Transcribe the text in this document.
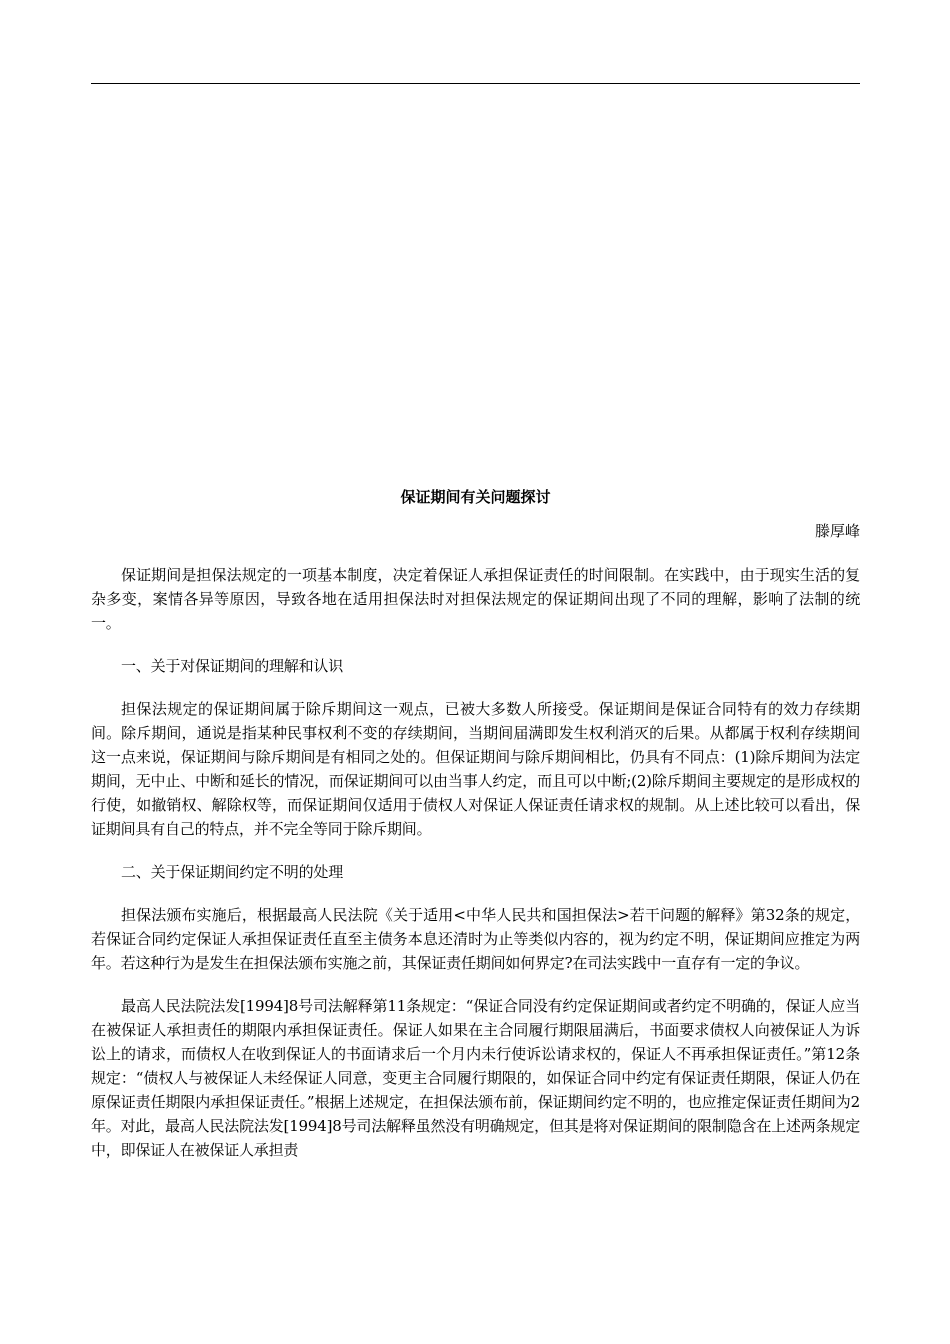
保证期间有关问题探讨

滕厚峰

保证期间是担保法规定的一项基本制度，决定着保证人承担保证责任的时间限制。在实践中，由于现实生活的复杂多变，案情各异等原因，导致各地在适用担保法时对担保法规定的保证期间出现了不同的理解，影响了法制的统一。

一、关于对保证期间的理解和认识

担保法规定的保证期间属于除斥期间这一观点，已被大多数人所接受。保证期间是保证合同特有的效力存续期间。除斥期间，通说是指某种民事权利不变的存续期间，当期间届满即发生权利消灭的后果。从都属于权利存续期间这一点来说，保证期间与除斥期间是有相同之处的。但保证期间与除斥期间相比，仍具有不同点：(1)除斥期间为法定期间，无中止、中断和延长的情况，而保证期间可以由当事人约定，而且可以中断;(2)除斥期间主要规定的是形成权的行使，如撤销权、解除权等，而保证期间仅适用于债权人对保证人保证责任请求权的规制。从上述比较可以看出，保证期间具有自己的特点，并不完全等同于除斥期间。

二、关于保证期间约定不明的处理

担保法颁布实施后，根据最高人民法院《关于适用<中华人民共和国担保法>若干问题的解释》第32条的规定，若保证合同约定保证人承担保证责任直至主债务本息还清时为止等类似内容的，视为约定不明，保证期间应推定为两年。若这种行为是发生在担保法颁布实施之前，其保证责任期间如何界定?在司法实践中一直存有一定的争议。

最高人民法院法发[1994]8号司法解释第11条规定：“保证合同没有约定保证期间或者约定不明确的，保证人应当在被保证人承担责任的期限内承担保证责任。保证人如果在主合同履行期限届满后，书面要求债权人向被保证人为诉讼上的请求，而债权人在收到保证人的书面请求后一个月内未行使诉讼请求权的，保证人不再承担保证责任。”第12条规定：“债权人与被保证人未经保证人同意，变更主合同履行期限的，如保证合同中约定有保证责任期限，保证人仍在原保证责任期限内承担保证责任。”根据上述规定，在担保法颁布前，保证期间约定不明的，也应推定保证责任期间为2年。对此，最高人民法院法发[1994]8号司法解释虽然没有明确规定，但其是将对保证期间的限制隐含在上述两条规定中，即保证人在被保证人承担责
